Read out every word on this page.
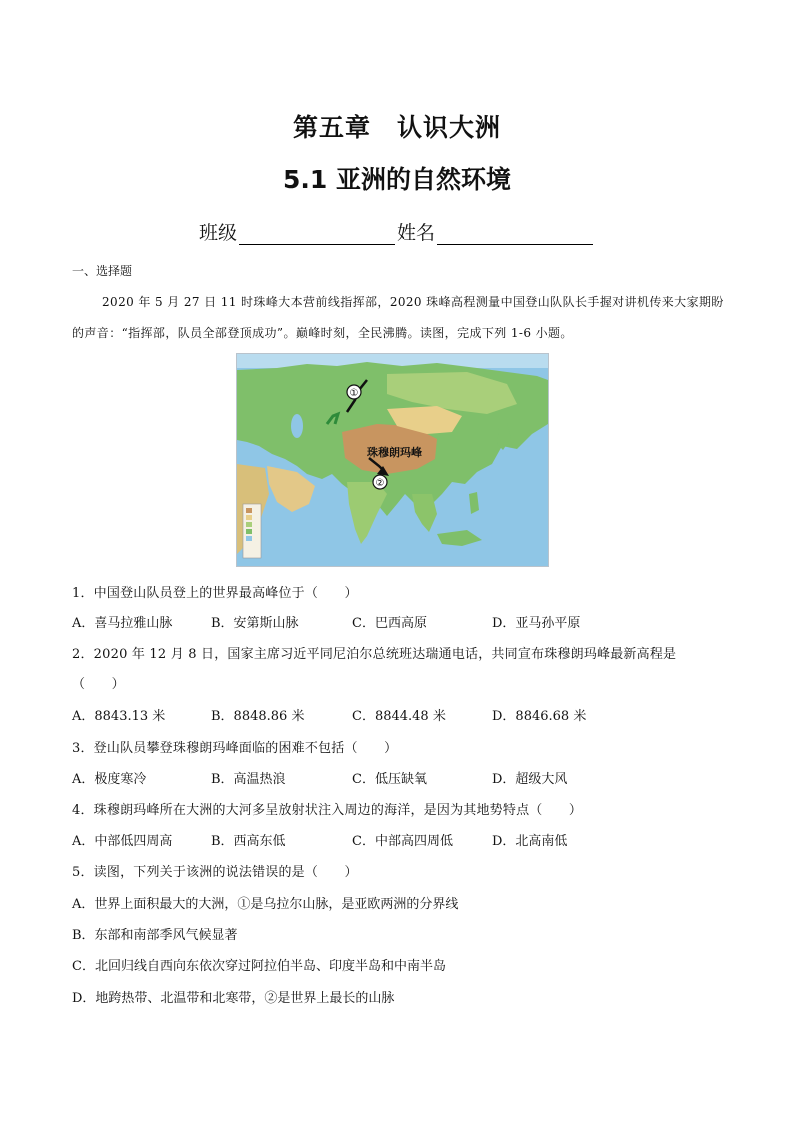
第五章　认识大洲
5.1 亚洲的自然环境
班级	姓名
一、选择题
2020 年 5 月 27 日 11 时珠峰大本营前线指挥部，2020 珠峰高程测量中国登山队队长手握对讲机传来大家期盼的声音：“指挥部，队员全部登顶成功”。巅峰时刻，全民沸腾。读图，完成下列 1-6 小题。
①
②
珠穆朗玛峰
1．中国登山队员登上的世界最高峰位于（　　）
A．喜马拉雅山脉	B．安第斯山脉	C．巴西高原	D．亚马孙平原
2．2020 年 12 月 8 日，国家主席习近平同尼泊尔总统班达瑞通电话，共同宣布珠穆朗玛峰最新高程是
（　　）
A．8843.13 米	B．8848.86 米	C．8844.48 米	D．8846.68 米
3．登山队员攀登珠穆朗玛峰面临的困难不包括（　　）
A．极度寒冷	B．高温热浪	C．低压缺氧	D．超级大风
4．珠穆朗玛峰所在大洲的大河多呈放射状注入周边的海洋，是因为其地势特点（　　）
A．中部低四周高	B．西高东低	C．中部高四周低	D．北高南低
5．读图，下列关于该洲的说法错误的是（　　）
A．世界上面积最大的大洲，①是乌拉尔山脉，是亚欧两洲的分界线
B．东部和南部季风气候显著
C．北回归线自西向东依次穿过阿拉伯半岛、印度半岛和中南半岛
D．地跨热带、北温带和北寒带，②是世界上最长的山脉
